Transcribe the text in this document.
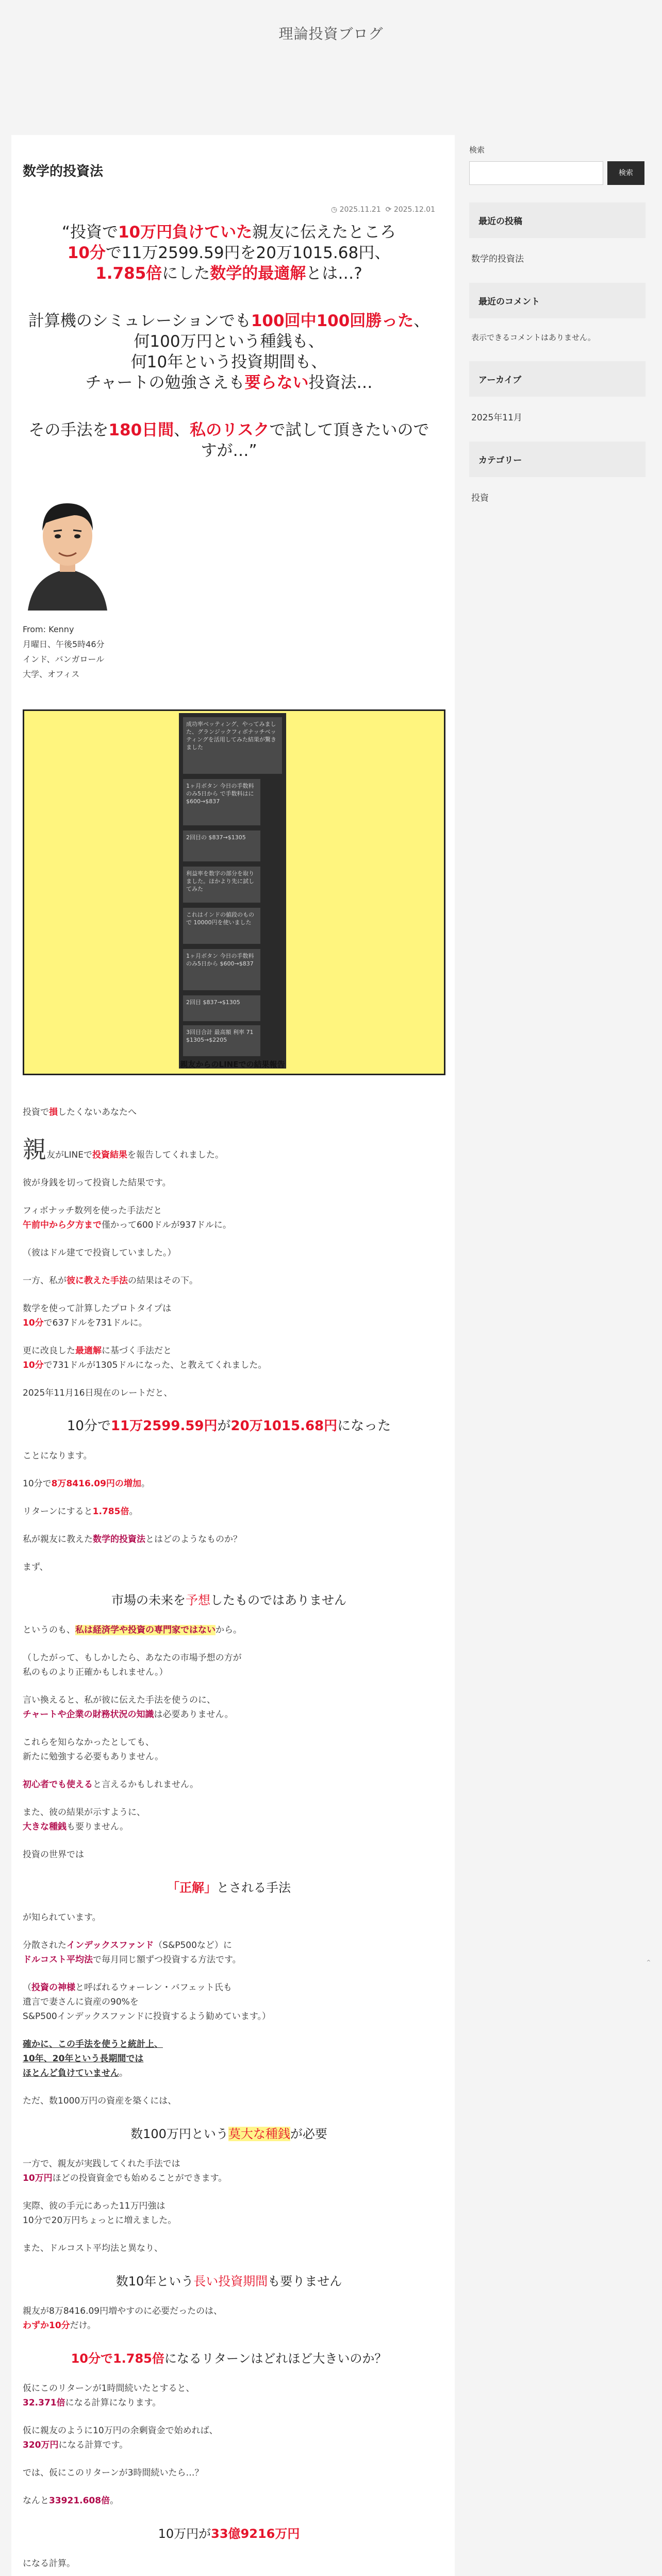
理論投資ブログ
数学的投資法
◷ 2025.11.21 ⟳ 2025.12.01
“投資で10万円負けていた親友に伝えたところ
10分で11万2599.59円を20万1015.68円、
1.785倍にした数学的最適解とは…?
計算機のシミュレーションでも100回中100回勝った、
何100万円という種銭も、
何10年という投資期間も、
チャートの勉強さえも要らない投資法…
その手法を180日間、私のリスクで試して頂きたいのですが…”
From: Kenny
月曜日、午後5時46分
インド、バンガロール
大学、オフィス
成功率ベッティング、やってみました、グランジックフィボナッチベッティングを活用してみた結果が驚きました
1ヶ月ボタン 今日の手数料のみ5日から で手数料はに $600→$837
2回目の $837→$1305
利益率を数字の部分を取りました。ほかより先に試してみた
これはインドの値段のもので 10000円を使いました
1ヶ月ボタン 今日の手数料のみ5日から $600→$837
2回目 $837→$1305
3回目合計 最高額 利率 71 $1305→$2205
親友からのLINEでの結果報告
投資で損したくないあなたへ
親友がLINEで投資結果を報告してくれました。
彼が身銭を切って投資した結果です。
フィボナッチ数列を使った手法だと
午前中から夕方まで僅かって600ドルが937ドルに。
（彼はドル建てで投資していました。）
一方、私が彼に教えた手法の結果はその下。
数学を使って計算したプロトタイプは
10分で637ドルを731ドルに。
更に改良した最適解に基づく手法だと
10分で731ドルが1305ドルになった、と教えてくれました。
2025年11月16日現在のレートだと、
10分で11万2599.59円が20万1015.68円になった
ことになります。
10分で8万8416.09円の増加。
リターンにすると1.785倍。
私が親友に教えた数学的投資法とはどのようなものか？
まず、
市場の未来を予想したものではありません
というのも、私は経済学や投資の専門家ではないから。
（したがって、もしかしたら、あなたの市場予想の方が
私のものより正確かもしれません。）
言い換えると、私が彼に伝えた手法を使うのに、
チャートや企業の財務状況の知識は必要ありません。
これらを知らなかったとしても、
新たに勉強する必要もありません。
初心者でも使えると言えるかもしれません。
また、彼の結果が示すように、
大きな種銭も要りません。
投資の世界では
「正解」とされる手法
が知られています。
分散されたインデックスファンド（S&P500など）に
ドルコスト平均法で毎月同じ額ずつ投資する方法です。
（投資の神様と呼ばれるウォーレン・バフェット氏も
遺言で妻さんに資産の90%を
S&P500インデックスファンドに投資するよう勧めています。）
確かに、この手法を使うと統計上、
10年、20年という長期間では
ほとんど負けていません。
ただ、数1000万円の資産を築くには、
数100万円という莫大な種銭が必要
一方で、親友が実践してくれた手法では
10万円ほどの投資資金でも始めることができます。
実際、彼の手元にあった11万円強は
10分で20万円ちょっとに増えました。
また、ドルコスト平均法と異なり、
数10年という長い投資期間も要りません
親友が8万8416.09円増やすのに必要だったのは、
わずか10分だけ。
10分で1.785倍になるリターンはどれほど大きいのか？
仮にこのリターンが1時間続いたとすると、
32.371倍になる計算になります。
仮に親友のように10万円の余剰資金で始めれば、
320万円になる計算です。
では、仮にこのリターンが3時間続いたら…？
なんと33921.608倍。
10万円が33億9216万円
になる計算。
検索
検索
最近の投稿
数学的投資法
最近のコメント
表示できるコメントはありません。
アーカイブ
2025年11月
カテゴリー
投資
⌃
